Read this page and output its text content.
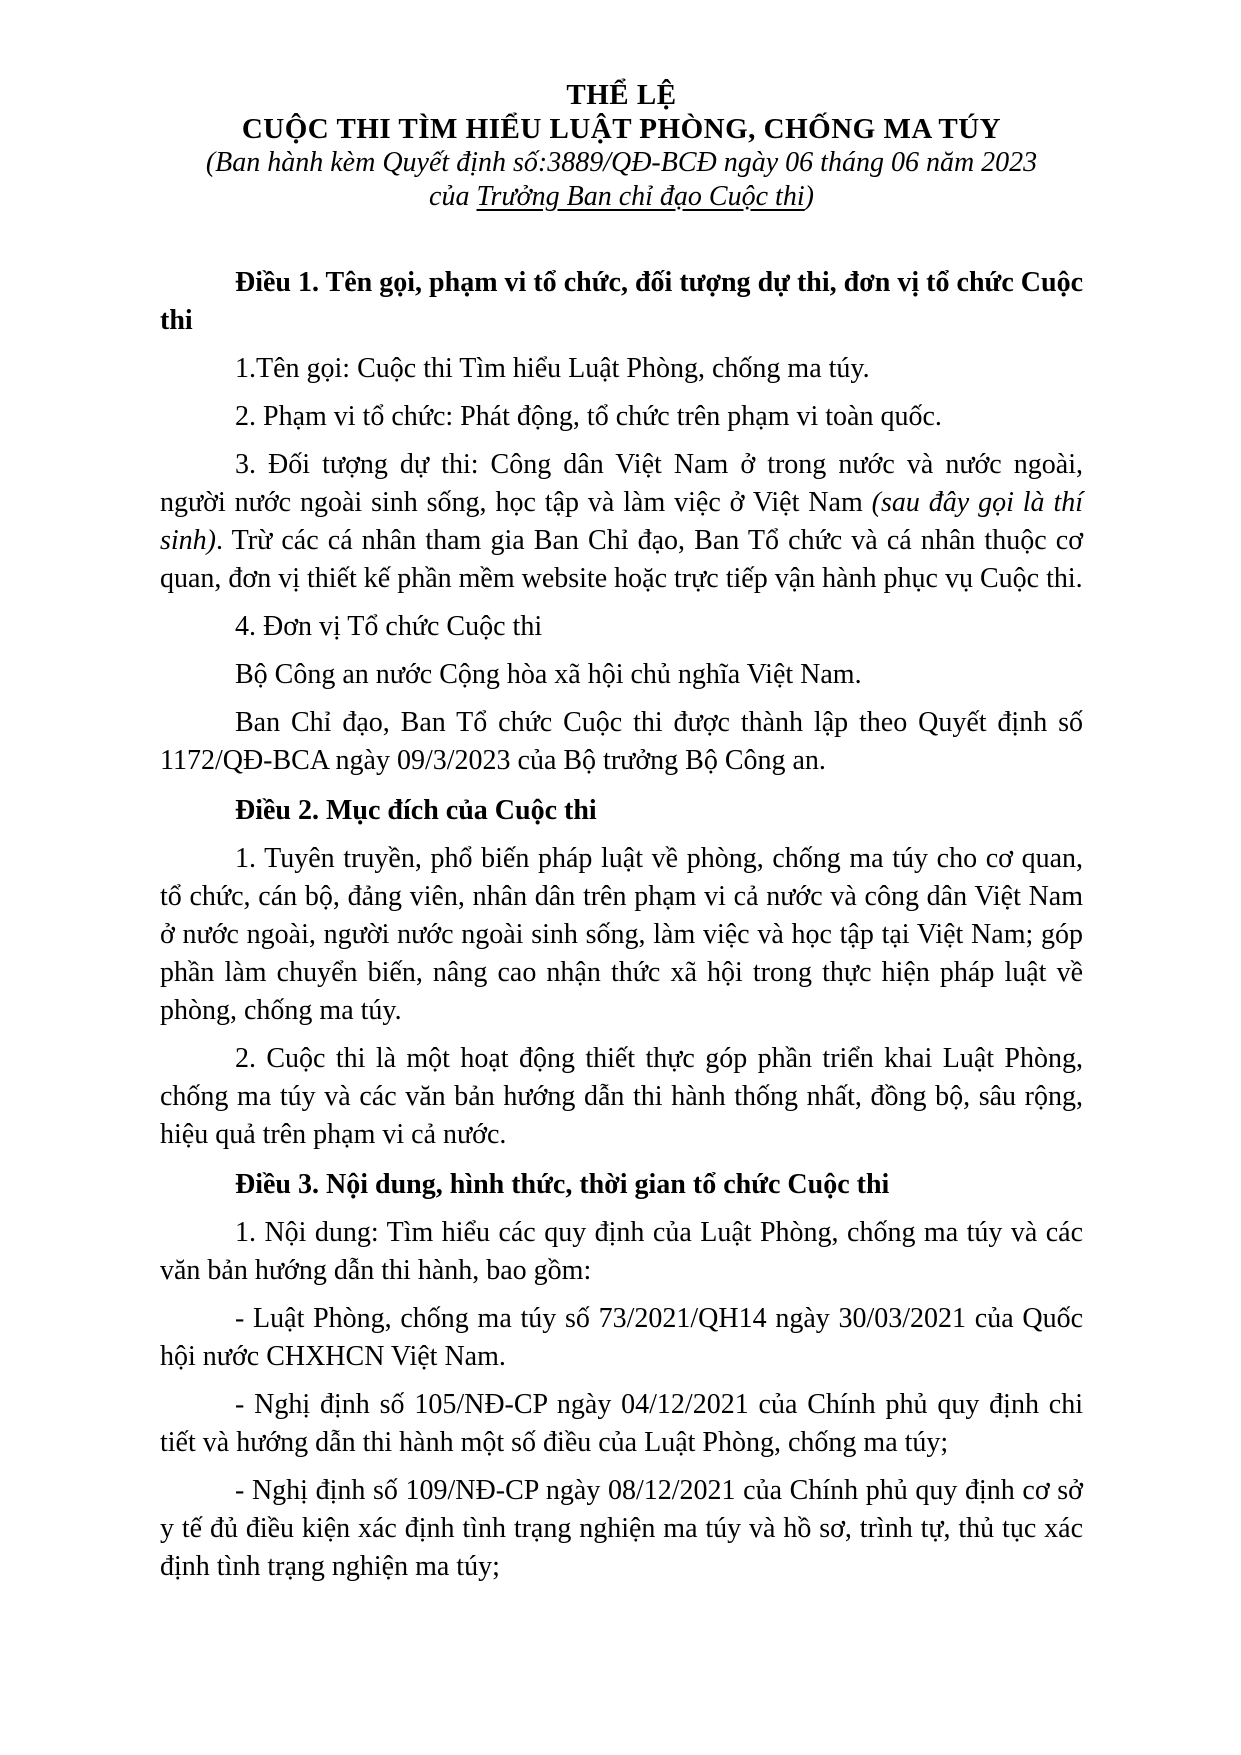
THỂ LỆ
CUỘC THI TÌM HIỂU LUẬT PHÒNG, CHỐNG MA TÚY
(Ban hành kèm Quyết định số:3889/QĐ-BCĐ ngày 06 tháng 06 năm 2023
của Trưởng Ban chỉ đạo Cuộc thi)
Điều 1. Tên gọi, phạm vi tổ chức, đối tượng dự thi, đơn vị tổ chức Cuộc thi

1.Tên gọi: Cuộc thi Tìm hiểu Luật Phòng, chống ma túy.

2. Phạm vi tổ chức: Phát động, tổ chức trên phạm vi toàn quốc.

3. Đối tượng dự thi: Công dân Việt Nam ở trong nước và nước ngoài, người nước ngoài sinh sống, học tập và làm việc ở Việt Nam (sau đây gọi là thí sinh). Trừ các cá nhân tham gia Ban Chỉ đạo, Ban Tổ chức và cá nhân thuộc cơ quan, đơn vị thiết kế phần mềm website hoặc trực tiếp vận hành phục vụ Cuộc thi.

4. Đơn vị Tổ chức Cuộc thi

Bộ Công an nước Cộng hòa xã hội chủ nghĩa Việt Nam.

Ban Chỉ đạo, Ban Tổ chức Cuộc thi được thành lập theo Quyết định số 1172/QĐ-BCA ngày 09/3/2023 của Bộ trưởng Bộ Công an.

Điều 2. Mục đích của Cuộc thi

1. Tuyên truyền, phổ biến pháp luật về phòng, chống ma túy cho cơ quan, tổ chức, cán bộ, đảng viên, nhân dân trên phạm vi cả nước và công dân Việt Nam ở nước ngoài, người nước ngoài sinh sống, làm việc và học tập tại Việt Nam; góp phần làm chuyển biến, nâng cao nhận thức xã hội trong thực hiện pháp luật về phòng, chống ma túy.

2. Cuộc thi là một hoạt động thiết thực góp phần triển khai Luật Phòng, chống ma túy và các văn bản hướng dẫn thi hành thống nhất, đồng bộ, sâu rộng, hiệu quả trên phạm vi cả nước.

Điều 3. Nội dung, hình thức, thời gian tổ chức Cuộc thi

1. Nội dung: Tìm hiểu các quy định của Luật Phòng, chống ma túy và các văn bản hướng dẫn thi hành, bao gồm:

- Luật Phòng, chống ma túy số 73/2021/QH14 ngày 30/03/2021 của Quốc hội nước CHXHCN Việt Nam.

- Nghị định số 105/NĐ-CP ngày 04/12/2021 của Chính phủ quy định chi tiết và hướng dẫn thi hành một số điều của Luật Phòng, chống ma túy;

- Nghị định số 109/NĐ-CP ngày 08/12/2021 của Chính phủ quy định cơ sở y tế đủ điều kiện xác định tình trạng nghiện ma túy và hồ sơ, trình tự, thủ tục xác định tình trạng nghiện ma túy;
